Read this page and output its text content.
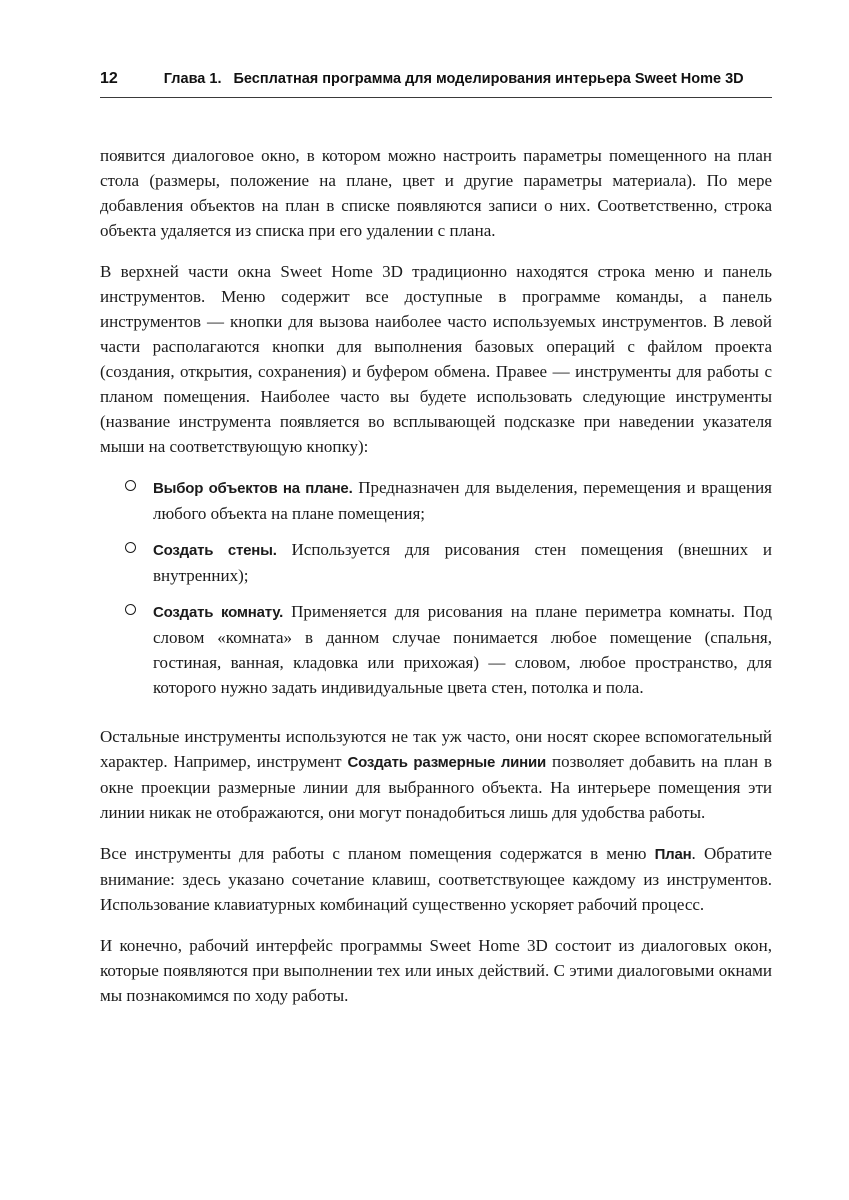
12	Глава 1. Бесплатная программа для моделирования интерьера Sweet Home 3D

появится диалоговое окно, в котором можно настроить параметры помещенного на план стола (размеры, положение на плане, цвет и другие параметры материала). По мере добавления объектов на план в списке появляются записи о них. Соответственно, строка объекта удаляется из списка при его удалении с плана.

В верхней части окна Sweet Home 3D традиционно находятся строка меню и панель инструментов. Меню содержит все доступные в программе команды, а панель инструментов — кнопки для вызова наиболее часто используемых инструментов. В левой части располагаются кнопки для выполнения базовых операций с файлом проекта (создания, открытия, сохранения) и буфером обмена. Правее — инструменты для работы с планом помещения. Наиболее часто вы будете использовать следующие инструменты (название инструмента появляется во всплывающей подсказке при наведении указателя мыши на соответствующую кнопку):

Выбор объектов на плане. Предназначен для выделения, перемещения и вращения любого объекта на плане помещения;
Создать стены. Используется для рисования стен помещения (внешних и внутренних);
Создать комнату. Применяется для рисования на плане периметра комнаты. Под словом «комната» в данном случае понимается любое помещение (спальня, гостиная, ванная, кладовка или прихожая) — словом, любое пространство, для которого нужно задать индивидуальные цвета стен, потолка и пола.

Остальные инструменты используются не так уж часто, они носят скорее вспомогательный характер. Например, инструмент Создать размерные линии позволяет добавить на план в окне проекции размерные линии для выбранного объекта. На интерьере помещения эти линии никак не отображаются, они могут понадобиться лишь для удобства работы.

Все инструменты для работы с планом помещения содержатся в меню План. Обратите внимание: здесь указано сочетание клавиш, соответствующее каждому из инструментов. Использование клавиатурных комбинаций существенно ускоряет рабочий процесс.

И конечно, рабочий интерфейс программы Sweet Home 3D состоит из диалоговых окон, которые появляются при выполнении тех или иных действий. С этими диалоговыми окнами мы познакомимся по ходу работы.
